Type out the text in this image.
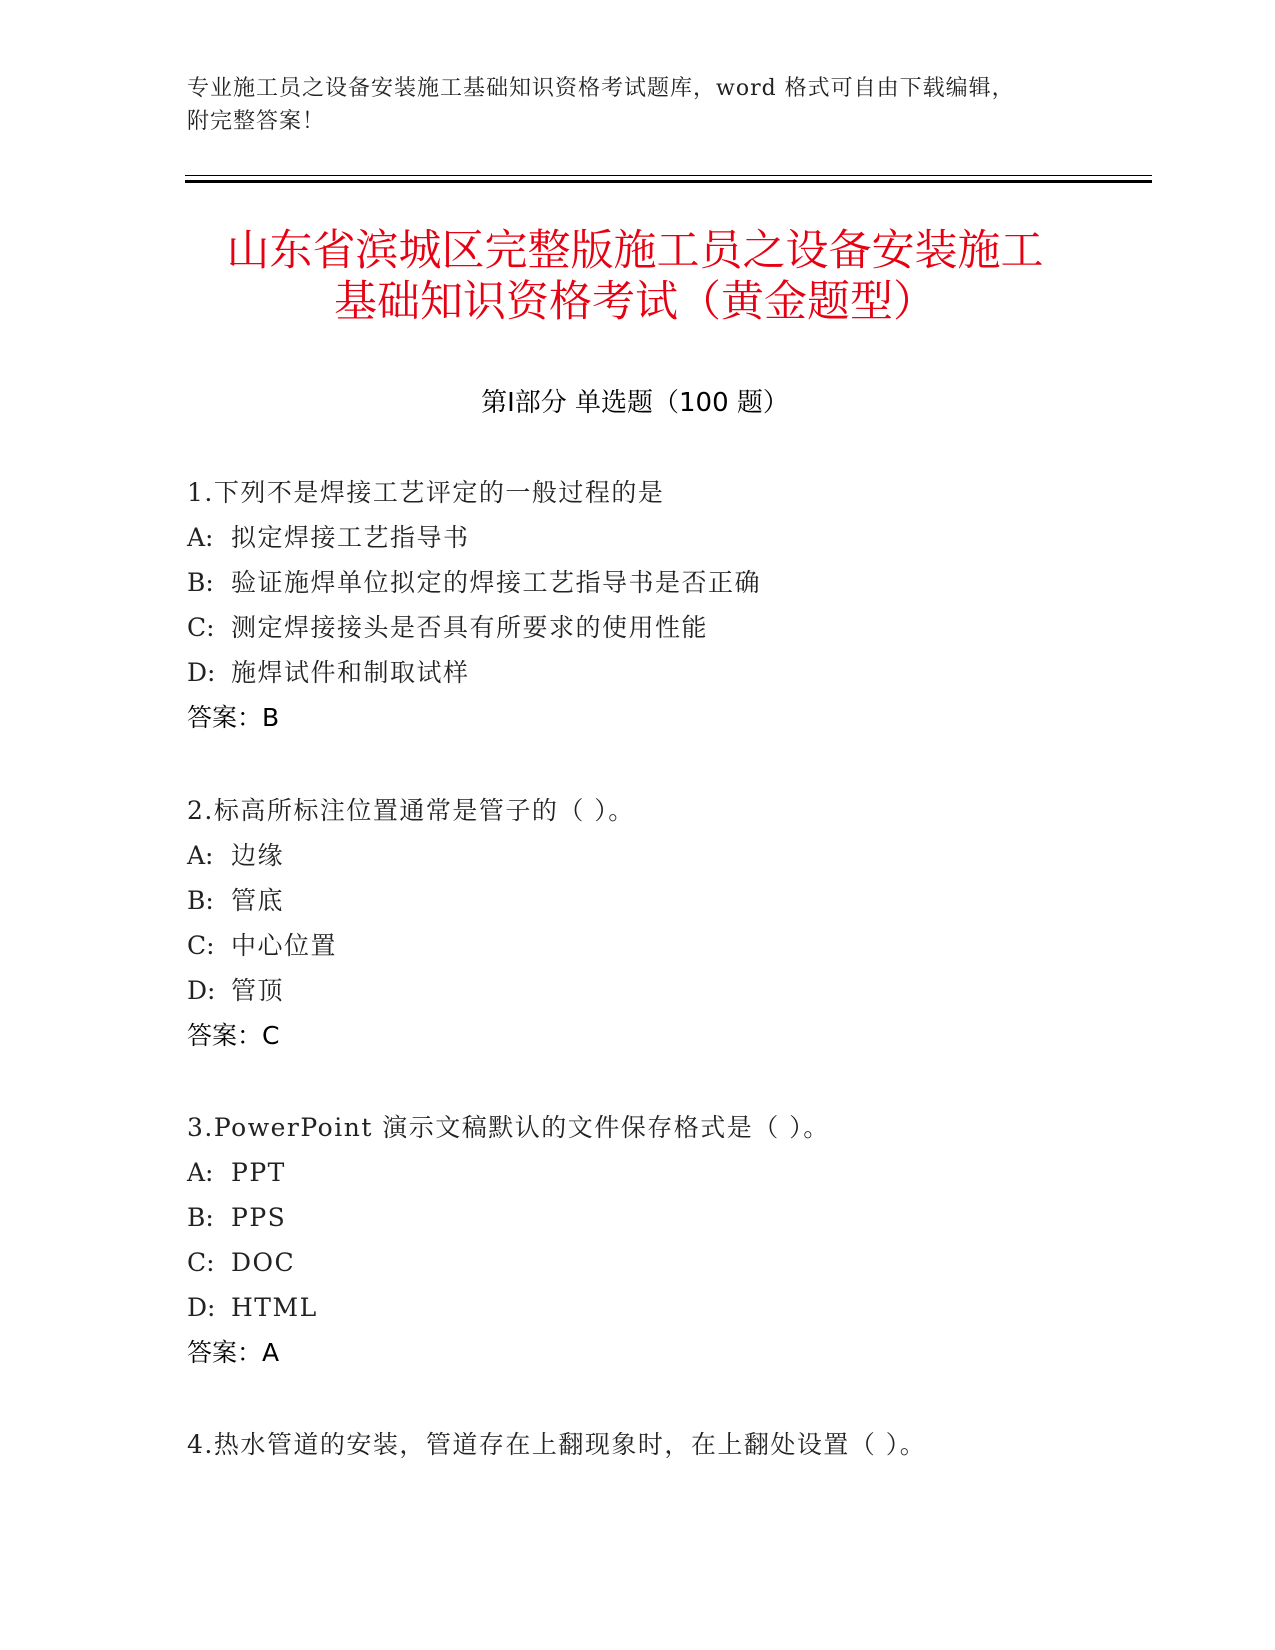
专业施工员之设备安装施工基础知识资格考试题库，word 格式可自由下载编辑，
附完整答案！
山东省滨城区完整版施工员之设备安装施工
基础知识资格考试（黄金题型）
第Ⅰ部分 单选题（100 题）
1.下列不是焊接工艺评定的一般过程的是
A: 拟定焊接工艺指导书
B: 验证施焊单位拟定的焊接工艺指导书是否正确
C: 测定焊接接头是否具有所要求的使用性能
D: 施焊试件和制取试样
答案：B
2.标高所标注位置通常是管子的（ ）。
A: 边缘
B: 管底
C: 中心位置
D: 管顶
答案：C
3.PowerPoint 演示文稿默认的文件保存格式是（ ）。
A: PPT
B: PPS
C: DOC
D: HTML
答案：A
4.热水管道的安装，管道存在上翻现象时，在上翻处设置（ ）。
